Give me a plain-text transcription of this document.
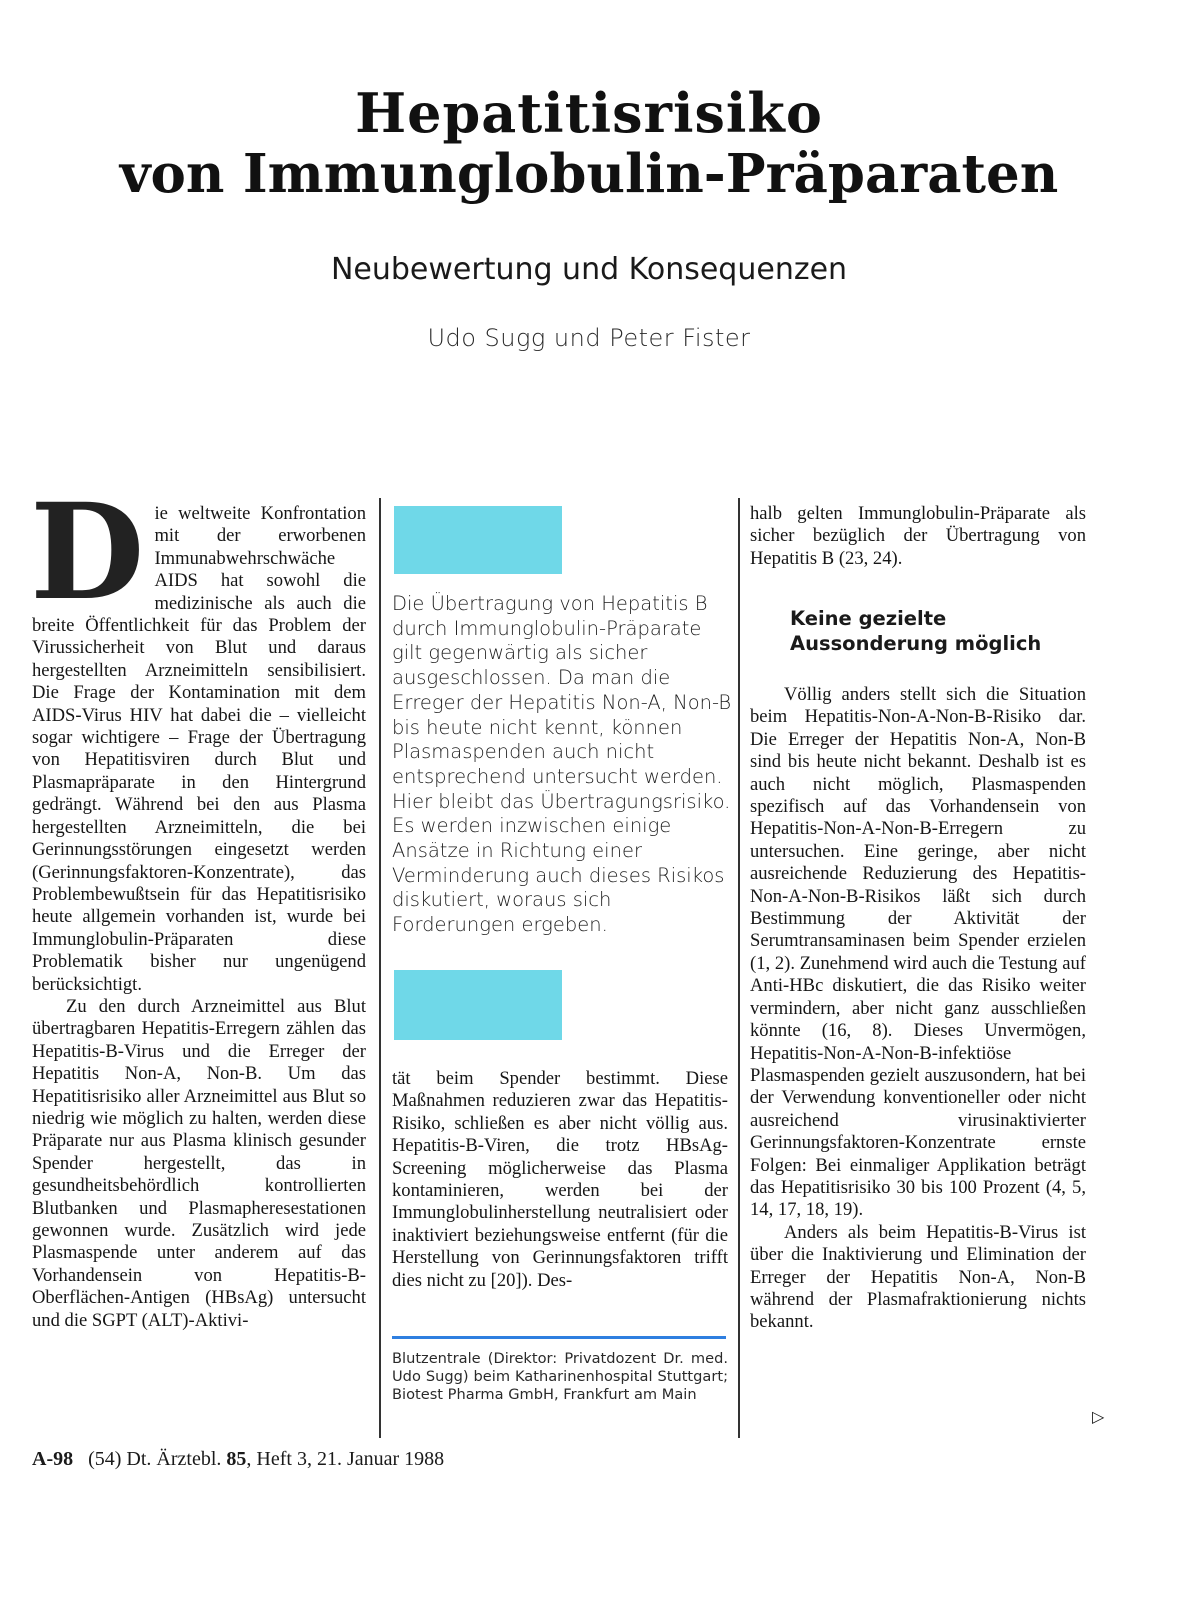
Hepatitisrisiko
von Immunglobulin-Präparaten
Neubewertung und Konsequenzen
Udo Sugg und Peter Fister
D ie weltweite Konfrontation mit der erworbenen Immunabwehrschwäche AIDS hat sowohl die medizinische als auch die breite Öffentlichkeit für das Problem der Virussicherheit von Blut und daraus hergestellten Arzneimitteln sensibilisiert. Die Frage der Kontamination mit dem AIDS-Virus HIV hat dabei die – vielleicht sogar wichtigere – Frage der Übertragung von Hepatitisviren durch Blut und Plasmapräparate in den Hintergrund gedrängt. Während bei den aus Plasma hergestellten Arzneimitteln, die bei Gerinnungsstörungen eingesetzt werden (Gerinnungsfaktoren-Konzentrate), das Problembewußtsein für das Hepatitisrisiko heute allgemein vorhanden ist, wurde bei Immunglobulin-Präparaten diese Problematik bisher nur ungenügend berücksichtigt.

Zu den durch Arzneimittel aus Blut übertragbaren Hepatitis-Erregern zählen das Hepatitis-B-Virus und die Erreger der Hepatitis Non-A, Non-B. Um das Hepatitisrisiko aller Arzneimittel aus Blut so niedrig wie möglich zu halten, werden diese Präparate nur aus Plasma klinisch gesunder Spender hergestellt, das in gesundheitsbehördlich kontrollierten Blutbanken und Plasmapheresestationen gewonnen wurde. Zusätzlich wird jede Plasmaspende unter anderem auf das Vorhandensein von Hepatitis-B-Oberflächen-Antigen (HBsAg) untersucht und die SGPT (ALT)-Aktivi-

Die Übertragung von Hepatitis B durch Immunglobulin-Präparate gilt gegenwärtig als sicher ausgeschlossen. Da man die Erreger der Hepatitis Non-A, Non-B bis heute nicht kennt, können Plasmaspenden auch nicht entsprechend untersucht werden. Hier bleibt das Übertragungsrisiko. Es werden inzwischen einige Ansätze in Richtung einer Verminderung auch dieses Risikos diskutiert, woraus sich Forderungen ergeben.

tät beim Spender bestimmt. Diese Maßnahmen reduzieren zwar das Hepatitis-Risiko, schließen es aber nicht völlig aus. Hepatitis-B-Viren, die trotz HBsAg-Screening möglicherweise das Plasma kontaminieren, werden bei der Immunglobulinherstellung neutralisiert oder inaktiviert beziehungsweise entfernt (für die Herstellung von Gerinnungsfaktoren trifft dies nicht zu [20]). Des-

Blutzentrale (Direktor: Privatdozent Dr. med. Udo Sugg) beim Katharinenhospital Stuttgart; Biotest Pharma GmbH, Frankfurt am Main

halb gelten Immunglobulin-Präparate als sicher bezüglich der Übertragung von Hepatitis B (23, 24).

Keine gezielte Aussonderung möglich

Völlig anders stellt sich die Situation beim Hepatitis-Non-A-Non-B-Risiko dar. Die Erreger der Hepatitis Non-A, Non-B sind bis heute nicht bekannt. Deshalb ist es auch nicht möglich, Plasmaspenden spezifisch auf das Vorhandensein von Hepatitis-Non-A-Non-B-Erregern zu untersuchen. Eine geringe, aber nicht ausreichende Reduzierung des Hepatitis-Non-A-Non-B-Risikos läßt sich durch Bestimmung der Aktivität der Serumtransaminasen beim Spender erzielen (1, 2). Zunehmend wird auch die Testung auf Anti-HBc diskutiert, die das Risiko weiter vermindern, aber nicht ganz ausschließen könnte (16, 8). Dieses Unvermögen, Hepatitis-Non-A-Non-B-infektiöse Plasmaspenden gezielt auszusondern, hat bei der Verwendung konventioneller oder nicht ausreichend virusinaktivierter Gerinnungsfaktoren-Konzentrate ernste Folgen: Bei einmaliger Applikation beträgt das Hepatitisrisiko 30 bis 100 Prozent (4, 5, 14, 17, 18, 19).

Anders als beim Hepatitis-B-Virus ist über die Inaktivierung und Elimination der Erreger der Hepatitis Non-A, Non-B während der Plasmafraktionierung nichts bekannt.

▷
A-98 (54) Dt. Ärztebl. 85, Heft 3, 21. Januar 1988
